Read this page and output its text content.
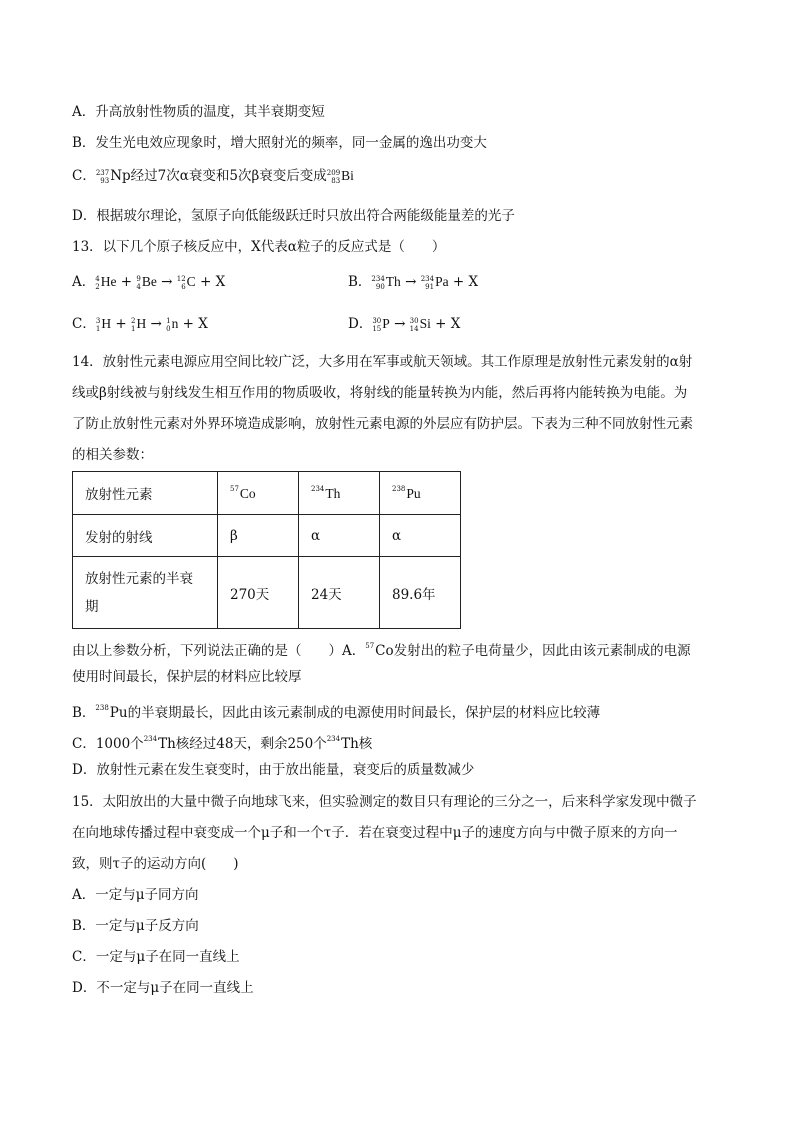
A．升高放射性物质的温度，其半衰期变短
B．发生光电效应现象时，增大照射光的频率，同一金属的逸出功变大
C． 237
93 Np经过7次α衰变和5次β衰变后变成 209
83 Bi
D．根据玻尔理论，氢原子向低能级跃迁时只放出符合两能级能量差的光子
13．以下几个原子核反应中，X代表α粒子的反应式是（　　）
A．4
2He + 9
4Be → 12
6C + X	B．234
90Th → 234
91Pa + X
C．3
1H + 2
1H → 1
0n + X	D．30
15P → 30
14Si + X
14．放射性元素电源应用空间比较广泛，大多用在军事或航天领域。其工作原理是放射性元素发射的α射
线或β射线被与射线发生相互作用的物质吸收，将射线的能量转换为内能，然后再将内能转换为电能。为
了防止放射性元素对外界环境造成影响，放射性元素电源的外层应有防护层。下表为三种不同放射性元素
的相关参数：
放射性元素	$^{57}$Co	$^{234}$Th	$^{238}$Pu
发射的射线	β	α	α
放射性元素的半衰
期	270天	24天	89.6年
由以上参数分析，下列说法正确的是（　　）A．$^{57}$Co发射出的粒子电荷量少，因此由该元素制成的电源
使用时间最长，保护层的材料应比较厚
B．$^{238}$Pu的半衰期最长，因此由该元素制成的电源使用时间最长，保护层的材料应比较薄
C．1000个$^{234}$Th核经过48天，剩余250个$^{234}$Th核
D．放射性元素在发生衰变时，由于放出能量，衰变后的质量数减少
15．太阳放出的大量中微子向地球飞来，但实验测定的数目只有理论的三分之一，后来科学家发现中微子
在向地球传播过程中衰变成一个μ子和一个τ子．若在衰变过程中μ子的速度方向与中微子原来的方向一
致，则τ子的运动方向(　　)
A．一定与μ子同方向
B．一定与μ子反方向
C．一定与μ子在同一直线上
D．不一定与μ子在同一直线上
